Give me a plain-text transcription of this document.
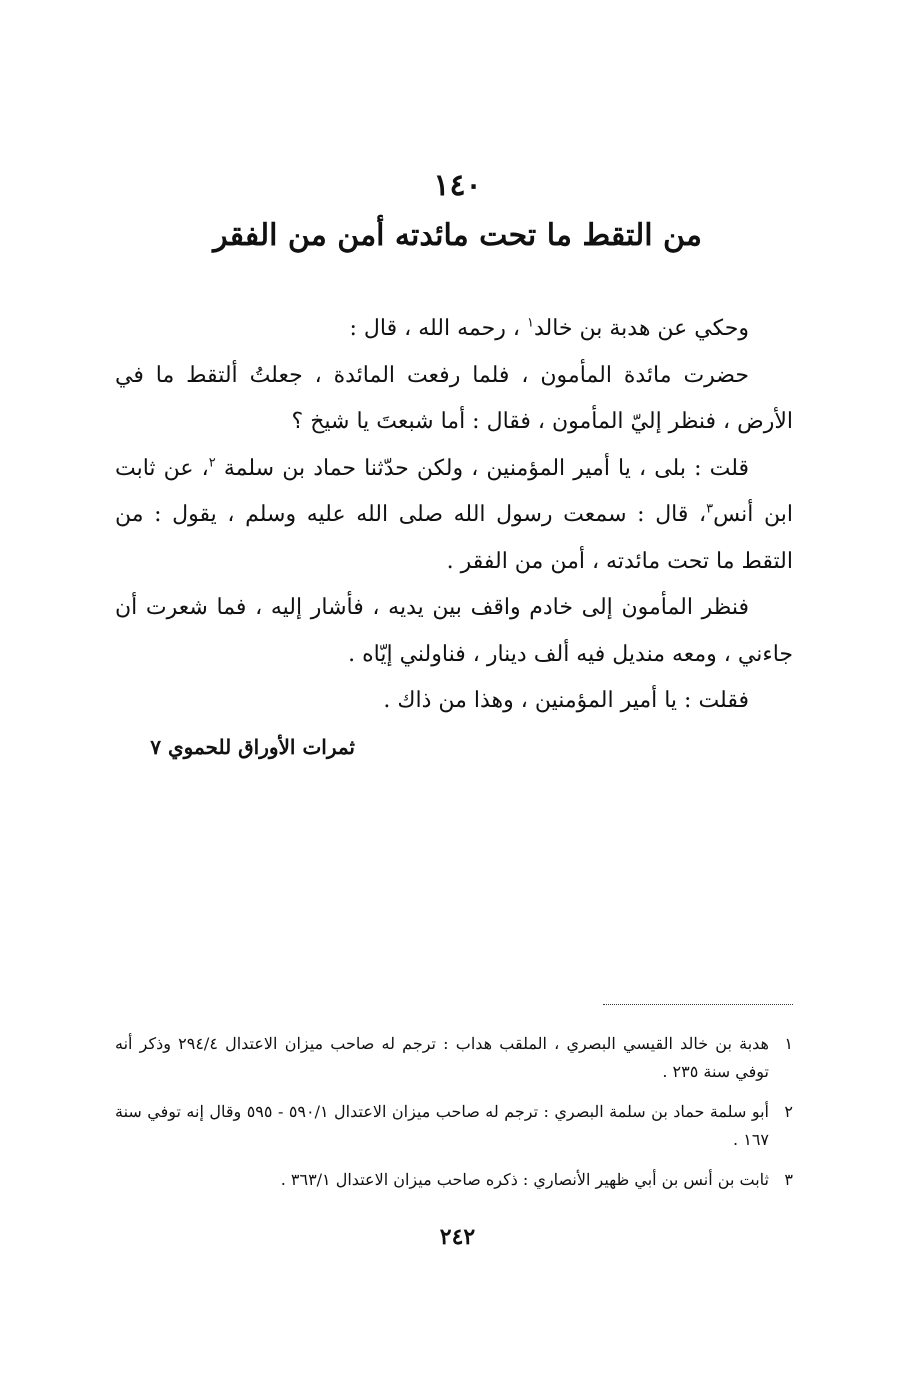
١٤٠
من التقط ما تحت مائدته أمن من الفقر

وحكي عن هدبة بن خالد$^١$ ، رحمه الله ، قال :

حضرت مائدة المأمون ، فلما رفعت المائدة ، جعلتُ ألتقط ما في الأرض ، فنظر إليّ المأمون ، فقال : أما شبعتَ يا شيخ ؟

قلت : بلى ، يا أمير المؤمنين ، ولكن حدّثنا حماد بن سلمة $^٢$، عن ثابت ابن أنس$^٣$، قال : سمعت رسول الله صلى الله عليه وسلم ، يقول : من التقط ما تحت مائدته ، أمن من الفقر .

فنظر المأمون إلى خادم واقف بين يديه ، فأشار إليه ، فما شعرت أن جاءني ، ومعه منديل فيه ألف دينار ، فناولني إيّاه .

فقلت : يا أمير المؤمنين ، وهذا من ذاك .

ثمرات الأوراق للحموي ٧

١هدبة بن خالد القيسي البصري ، الملقب هداب : ترجم له صاحب ميزان الاعتدال ٢٩٤/٤ وذكر أنه توفي سنة ٢٣٥ .

٢أبو سلمة حماد بن سلمة البصري : ترجم له صاحب ميزان الاعتدال ٥٩٠/١ - ٥٩٥ وقال إنه توفي سنة ١٦٧ .

٣ثابت بن أنس بن أبي ظهير الأنصاري : ذكره صاحب ميزان الاعتدال ٣٦٣/١ .

٢٤٢
